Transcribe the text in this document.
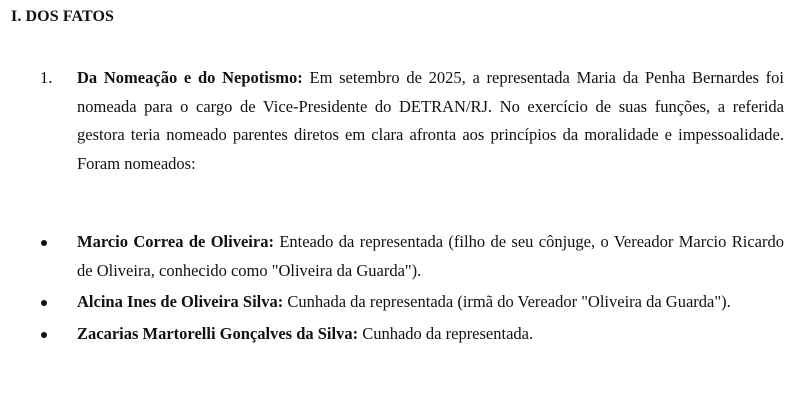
I. DOS FATOS
1. Da Nomeação e do Nepotismo: Em setembro de 2025, a representada Maria da Penha Bernardes foi nomeada para o cargo de Vice-Presidente do DETRAN/RJ. No exercício de suas funções, a referida gestora teria nomeado parentes diretos em clara afronta aos princípios da moralidade e impessoalidade. Foram nomeados:
Marcio Correa de Oliveira: Enteado da representada (filho de seu cônjuge, o Vereador Marcio Ricardo de Oliveira, conhecido como "Oliveira da Guarda").
Alcina Ines de Oliveira Silva: Cunhada da representada (irmã do Vereador "Oliveira da Guarda").
Zacarias Martorelli Gonçalves da Silva: Cunhado da representada.
